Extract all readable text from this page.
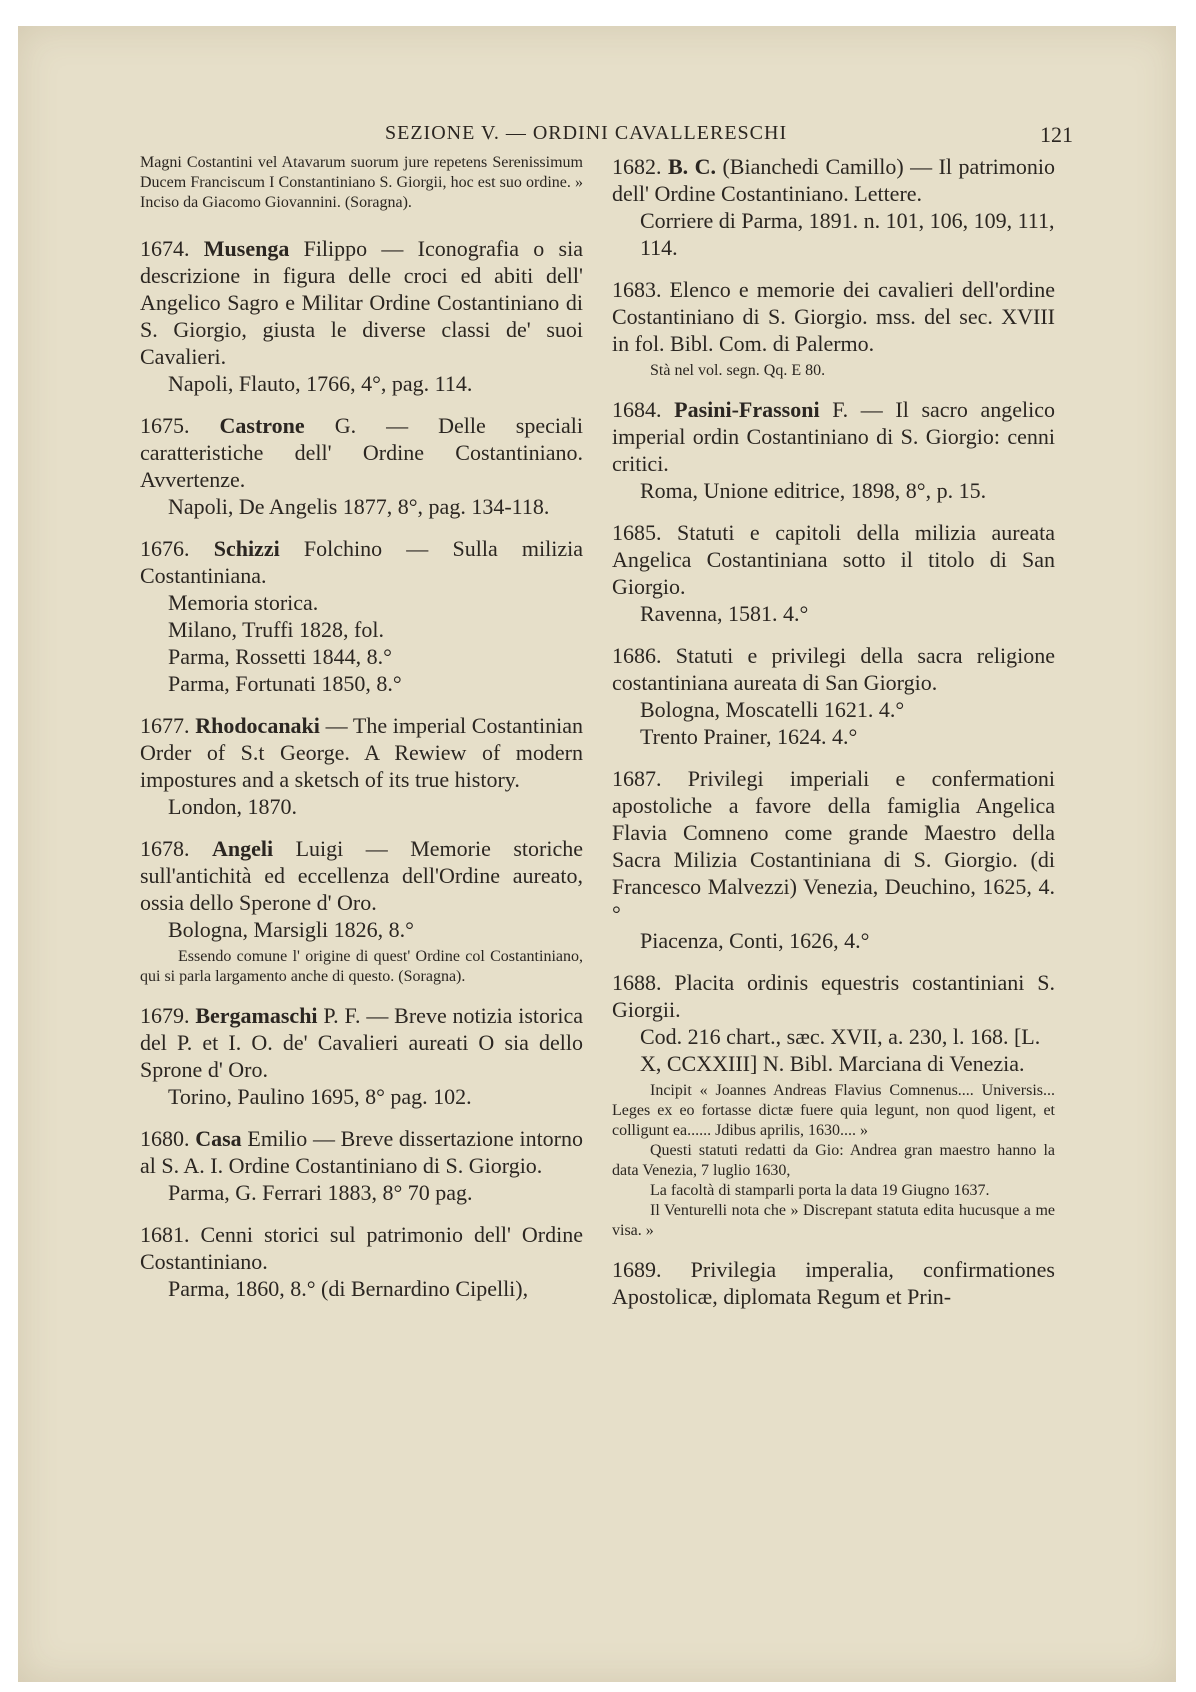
SEZIONE V. — ORDINI CAVALLERESCHI	121

Magni Costantini vel Atavarum suorum jure repetens Serenissimum Ducem Franciscum I Constantiniano S. Giorgii, hoc est suo ordine. » Inciso da Giacomo Giovannini. (Soragna).

1674. Musenga Filippo — Iconografia o sia descrizione in figura delle croci ed abiti dell' Angelico Sagro e Militar Ordine Costantiniano di S. Giorgio, giusta le diverse classi de' suoi Cavalieri.

Napoli, Flauto, 1766, 4°, pag. 114.

1675. Castrone G. — Delle speciali caratteristiche dell' Ordine Costantiniano. Avvertenze.

Napoli, De Angelis 1877, 8°, pag. 134-118.

1676. Schizzi Folchino — Sulla milizia Costantiniana.

Memoria storica.

Milano, Truffi 1828, fol.

Parma, Rossetti 1844, 8.°

Parma, Fortunati 1850, 8.°

1677. Rhodocanaki — The imperial Costantinian Order of S.t George. A Rewiew of modern impostures and a sketsch of its true history.

London, 1870.

1678. Angeli Luigi — Memorie storiche sull'antichità ed eccellenza dell'Ordine aureato, ossia dello Sperone d' Oro.

Bologna, Marsigli 1826, 8.°

Essendo comune l' origine di quest' Ordine col Costantiniano, qui si parla largamento anche di questo. (Soragna).

1679. Bergamaschi P. F. — Breve notizia istorica del P. et I. O. de' Cavalieri aureati O sia dello Sprone d' Oro.

Torino, Paulino 1695, 8° pag. 102.

1680. Casa Emilio — Breve dissertazione intorno al S. A. I. Ordine Costantiniano di S. Giorgio.

Parma, G. Ferrari 1883, 8° 70 pag.

1681. Cenni storici sul patrimonio dell' Ordine Costantiniano.

Parma, 1860, 8.° (di Bernardino Cipelli),

1682. B. C. (Bianchedi Camillo) — Il patrimonio dell' Ordine Costantiniano. Lettere.

Corriere di Parma, 1891. n. 101, 106, 109, 111, 114.

1683. Elenco e memorie dei cavalieri dell'ordine Costantiniano di S. Giorgio. mss. del sec. XVIII in fol. Bibl. Com. di Palermo.

Stà nel vol. segn. Qq. E 80.

1684. Pasini-Frassoni F. — Il sacro angelico imperial ordin Costantiniano di S. Giorgio: cenni critici.

Roma, Unione editrice, 1898, 8°, p. 15.

1685. Statuti e capitoli della milizia aureata Angelica Costantiniana sotto il titolo di San Giorgio.

Ravenna, 1581. 4.°

1686. Statuti e privilegi della sacra religione costantiniana aureata di San Giorgio.

Bologna, Moscatelli 1621. 4.°

Trento Prainer, 1624. 4.°

1687. Privilegi imperiali e confermationi apostoliche a favore della famiglia Angelica Flavia Comneno come grande Maestro della Sacra Milizia Costantiniana di S. Giorgio. (di Francesco Malvezzi) Venezia, Deuchino, 1625, 4.°

Piacenza, Conti, 1626, 4.°

1688. Placita ordinis equestris costantiniani S. Giorgii.

Cod. 216 chart., sæc. XVII, a. 230, l. 168. [L. X, CCXXIII] N. Bibl. Marciana di Venezia.

Incipit « Joannes Andreas Flavius Comnenus.... Universis... Leges ex eo fortasse dictæ fuere quia legunt, non quod ligent, et colligunt ea...... Jdibus aprilis, 1630.... »

Questi statuti redatti da Gio: Andrea gran maestro hanno la data Venezia, 7 luglio 1630,

La facoltà di stamparli porta la data 19 Giugno 1637.

Il Venturelli nota che » Discrepant statuta edita hucusque a me visa. »

1689. Privilegia imperalia, confirmationes Apostolicæ, diplomata Regum et Prin-
